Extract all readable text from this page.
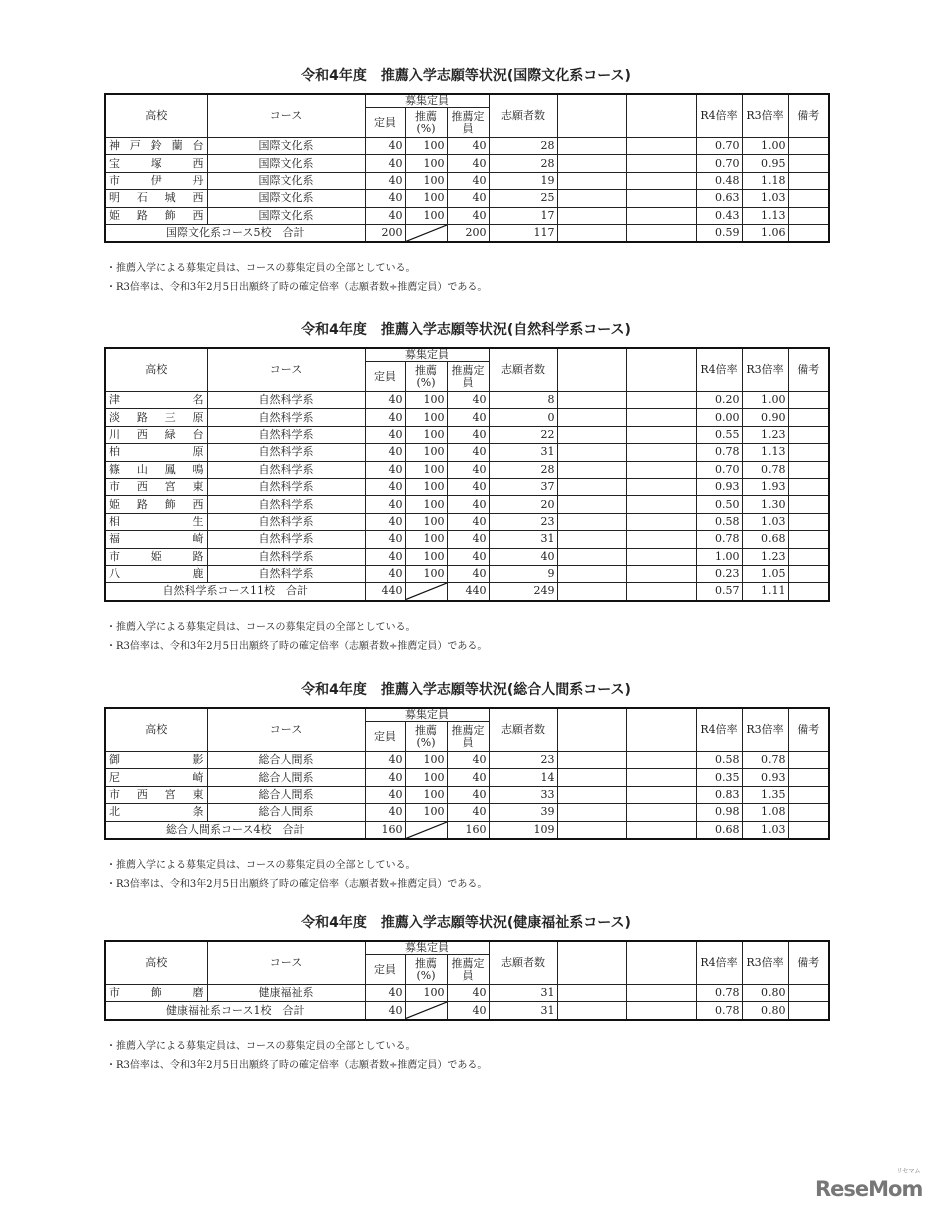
令和4年度　推薦入学志願等状況(国際文化系コース)
高校	コース	募集定員			志願者数			R4倍率	R3倍率	備考
		定員	推薦(%)	推薦定員						

神戸鈴蘭台	国際文化系	40	100	40	28			0.70	1.00	

宝塚西	国際文化系	40	100	40	28			0.70	0.95	

市伊丹	国際文化系	40	100	40	19			0.48	1.18	

明石城西	国際文化系	40	100	40	25			0.63	1.03	

姫路飾西	国際文化系	40	100	40	17			0.43	1.13	
国際文化系コース5校　合計		200		200	117			0.59	1.06	
・推薦入学による募集定員は、コースの募集定員の全部としている。
・R3倍率は、令和3年2月5日出願終了時の確定倍率（志願者数÷推薦定員）である。
令和4年度　推薦入学志願等状況(自然科学系コース)
高校	コース	募集定員			志願者数			R4倍率	R3倍率	備考
		定員	推薦(%)	推薦定員						

津名	自然科学系	40	100	40	8			0.20	1.00	

淡路三原	自然科学系	40	100	40	0			0.00	0.90	

川西緑台	自然科学系	40	100	40	22			0.55	1.23	

柏原	自然科学系	40	100	40	31			0.78	1.13	

篠山鳳鳴	自然科学系	40	100	40	28			0.70	0.78	

市西宮東	自然科学系	40	100	40	37			0.93	1.93	

姫路飾西	自然科学系	40	100	40	20			0.50	1.30	

相生	自然科学系	40	100	40	23			0.58	1.03	

福崎	自然科学系	40	100	40	31			0.78	0.68	

市姫路	自然科学系	40	100	40	40			1.00	1.23	

八鹿	自然科学系	40	100	40	9			0.23	1.05	
自然科学系コース11校　合計		440		440	249			0.57	1.11	
・推薦入学による募集定員は、コースの募集定員の全部としている。
・R3倍率は、令和3年2月5日出願終了時の確定倍率（志願者数÷推薦定員）である。
令和4年度　推薦入学志願等状況(総合人間系コース)
高校	コース	募集定員			志願者数			R4倍率	R3倍率	備考
		定員	推薦(%)	推薦定員						

御影	総合人間系	40	100	40	23			0.58	0.78	

尼崎	総合人間系	40	100	40	14			0.35	0.93	

市西宮東	総合人間系	40	100	40	33			0.83	1.35	

北条	総合人間系	40	100	40	39			0.98	1.08	
総合人間系コース4校　合計		160		160	109			0.68	1.03	
・推薦入学による募集定員は、コースの募集定員の全部としている。
・R3倍率は、令和3年2月5日出願終了時の確定倍率（志願者数÷推薦定員）である。
令和4年度　推薦入学志願等状況(健康福祉系コース)
高校	コース	募集定員			志願者数			R4倍率	R3倍率	備考
		定員	推薦(%)	推薦定員						

市飾磨	健康福祉系	40	100	40	31			0.78	0.80	
健康福祉系コース1校　合計		40		40	31			0.78	0.80	
・推薦入学による募集定員は、コースの募集定員の全部としている。
・R3倍率は、令和3年2月5日出願終了時の確定倍率（志願者数÷推薦定員）である。
ReseMom
リセマム
